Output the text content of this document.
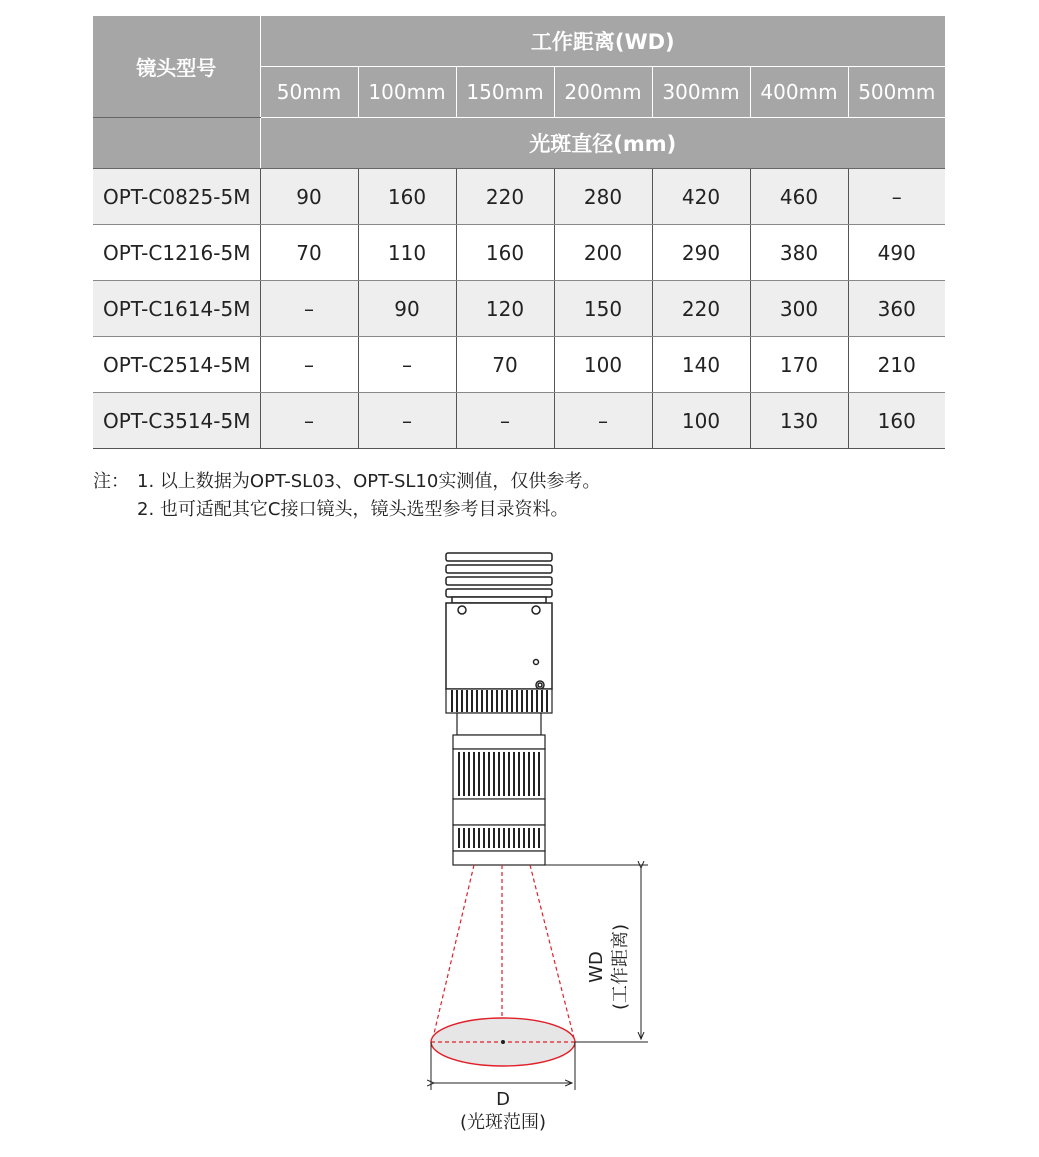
镜头型号	工作距离(WD)						
	50mm	100mm	150mm	200mm	300mm	400mm	500mm
	光斑直径(mm)						
OPT-C0825-5M	90	160	220	280	420	460	–
OPT-C1216-5M	70	110	160	200	290	380	490
OPT-C1614-5M	–	90	120	150	220	300	360
OPT-C2514-5M	–	–	70	100	140	170	210
OPT-C3514-5M	–	–	–	–	100	130	160
注： 1. 以上数据为OPT-SL03、OPT-SL10实测值，仅供参考。
2. 也可适配其它C接口镜头，镜头选型参考目录资料。
WD (工作距离)
D
(光斑范围)
